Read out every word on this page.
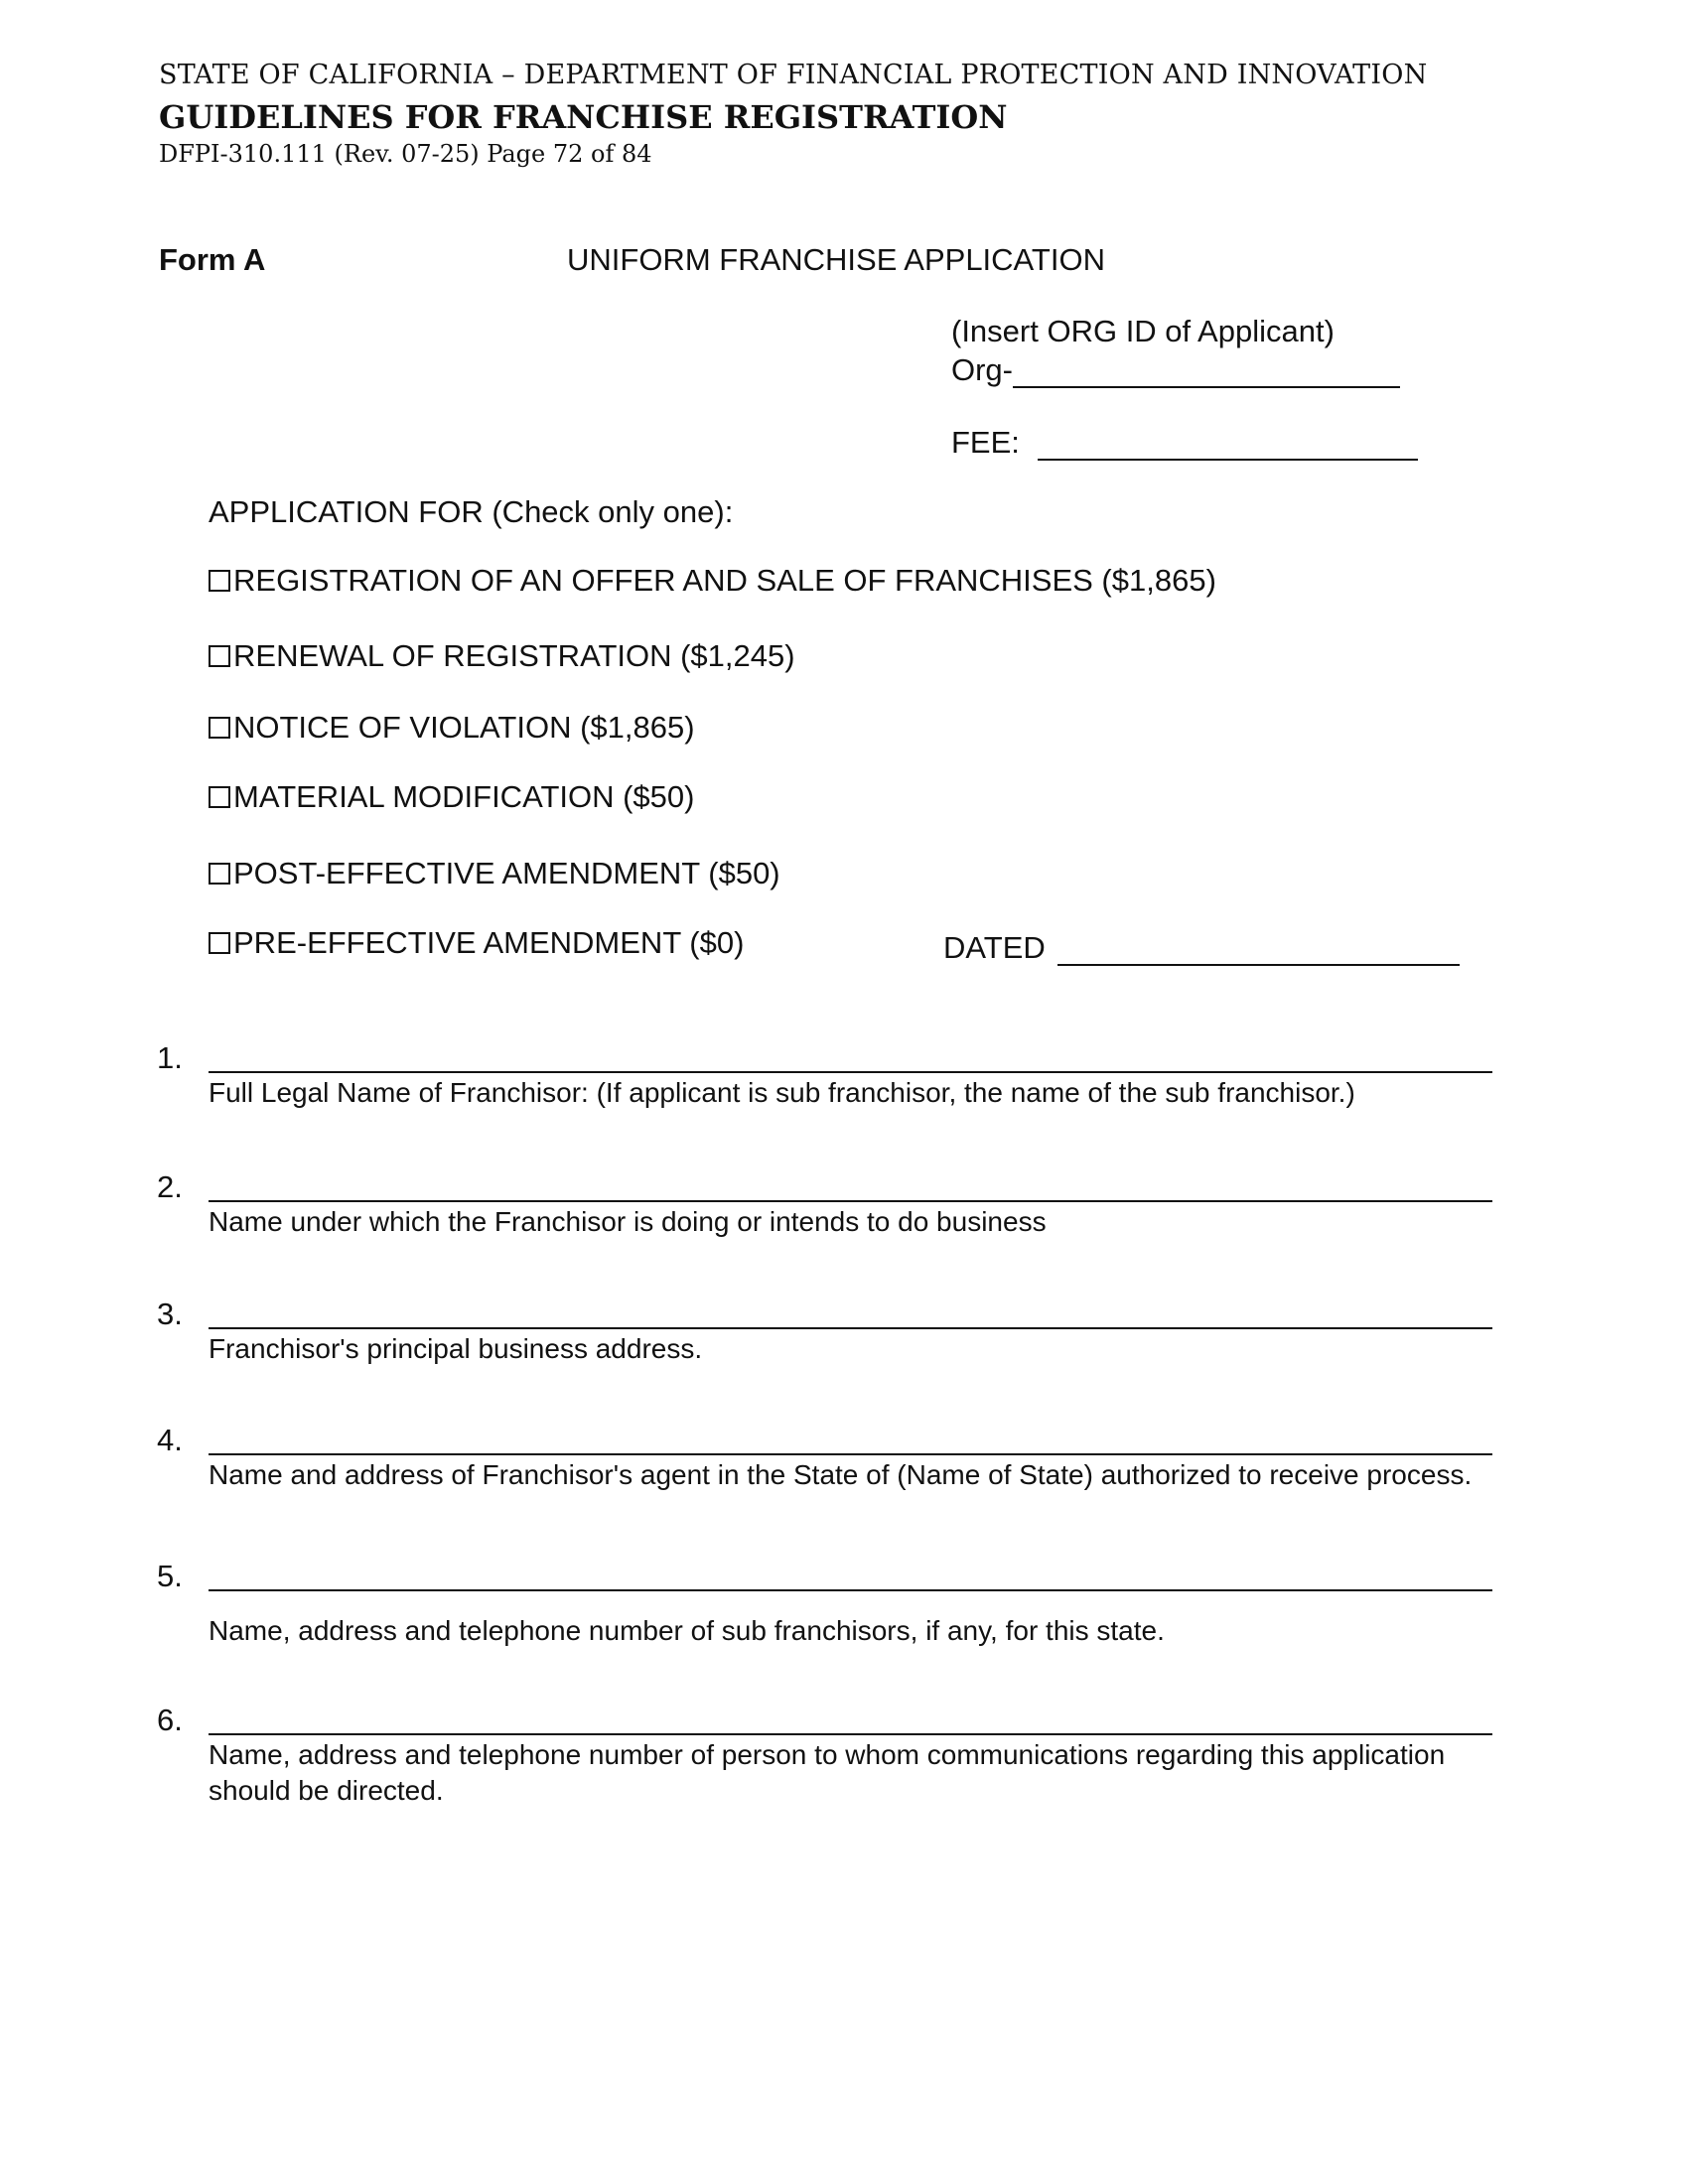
STATE OF CALIFORNIA – DEPARTMENT OF FINANCIAL PROTECTION AND INNOVATION
GUIDELINES FOR FRANCHISE REGISTRATION
DFPI-310.111 (Rev. 07-25) Page 72 of 84
Form A	UNIFORM FRANCHISE APPLICATION
(Insert ORG ID of Applicant)
Org-
FEE:
APPLICATION FOR (Check only one):
REGISTRATION OF AN OFFER AND SALE OF FRANCHISES ($1,865)
RENEWAL OF REGISTRATION ($1,245)
NOTICE OF VIOLATION ($1,865)
MATERIAL MODIFICATION ($50)
POST-EFFECTIVE AMENDMENT ($50)
PRE-EFFECTIVE AMENDMENT ($0)	DATED
1.
Full Legal Name of Franchisor: (If applicant is sub franchisor, the name of the sub franchisor.)
2.
Name under which the Franchisor is doing or intends to do business
3.
Franchisor's principal business address.
4.
Name and address of Franchisor's agent in the State of (Name of State) authorized to receive process.
5.
Name, address and telephone number of sub franchisors, if any, for this state.
6.
Name, address and telephone number of person to whom communications regarding this application should be directed.
